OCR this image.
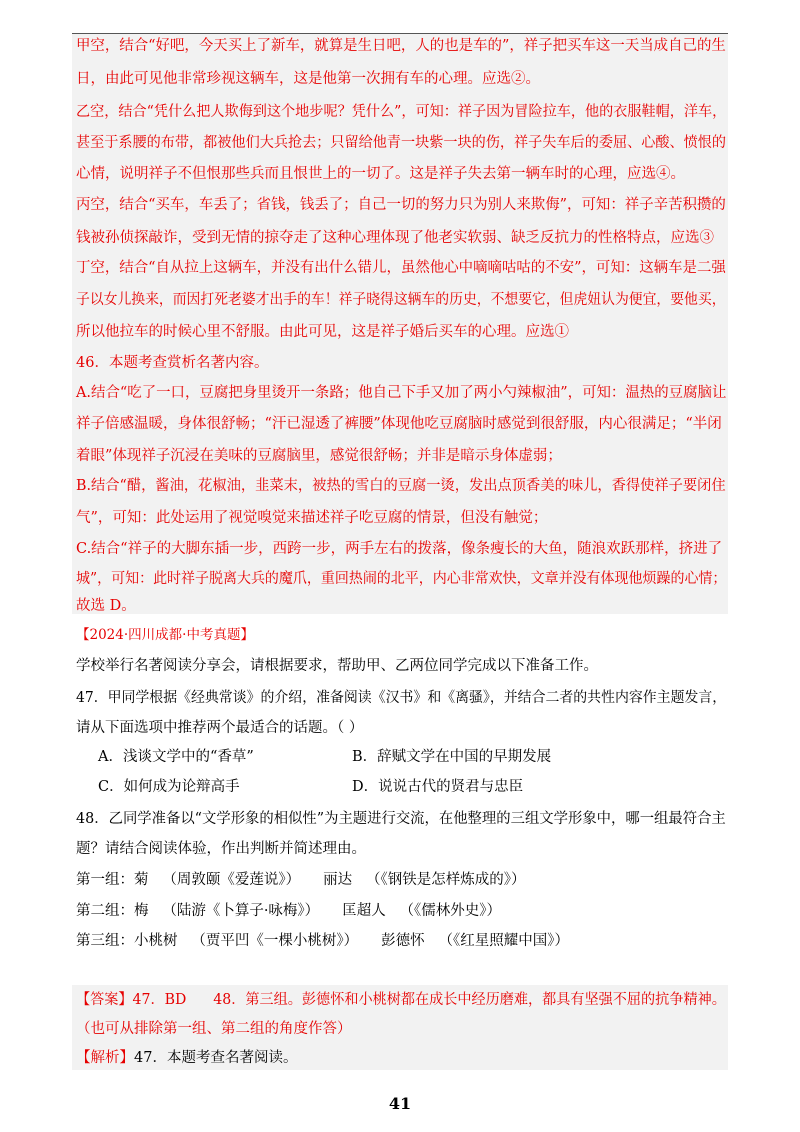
甲空，结合“好吧，今天买上了新车，就算是生日吧，人的也是车的”，祥子把买车这一天当成自己的生
日，由此可见他非常珍视这辆车，这是他第一次拥有车的心理。应选②。
乙空，结合“凭什么把人欺侮到这个地步呢？凭什么”，可知：祥子因为冒险拉车，他的衣服鞋帽，洋车，
甚至于系腰的布带，都被他们大兵抢去；只留给他青一块紫一块的伤，祥子失车后的委屈、心酸、愤恨的
心情，说明祥子不但恨那些兵而且恨世上的一切了。这是祥子失去第一辆车时的心理，应选④。
丙空，结合“买车，车丢了；省钱，钱丢了；自己一切的努力只为别人来欺侮”，可知：祥子辛苦积攒的
钱被孙侦探敲诈，受到无情的掠夺走了这种心理体现了他老实软弱、缺乏反抗力的性格特点，应选③
丁空，结合“自从拉上这辆车，并没有出什么错儿，虽然他心中嘀嘀咕咕的不安”，可知：这辆车是二强
子以女儿换来，而因打死老婆才出手的车！祥子晓得这辆车的历史，不想要它，但虎妞认为便宜，要他买，
所以他拉车的时候心里不舒服。由此可见，这是祥子婚后买车的心理。应选①
46．本题考查赏析名著内容。
A.结合“吃了一口，豆腐把身里烫开一条路；他自己下手又加了两小勺辣椒油”，可知：温热的豆腐脑让
祥子倍感温暖，身体很舒畅；“汗已湿透了裤腰”体现他吃豆腐脑时感觉到很舒服，内心很满足；“半闭
着眼”体现祥子沉浸在美味的豆腐脑里，感觉很舒畅；并非是暗示身体虚弱；
B.结合“醋，酱油，花椒油，韭菜末，被热的雪白的豆腐一烫，发出点顶香美的味儿，香得使祥子要闭住
气”，可知：此处运用了视觉嗅觉来描述祥子吃豆腐的情景，但没有触觉；
C.结合“祥子的大脚东插一步，西跨一步，两手左右的拨落，像条瘦长的大鱼，随浪欢跃那样，挤进了
城”，可知：此时祥子脱离大兵的魔爪，重回热闹的北平，内心非常欢快，文章并没有体现他烦躁的心情；
故选 D。
【2024·四川成都·中考真题】
学校举行名著阅读分享会，请根据要求，帮助甲、乙两位同学完成以下准备工作。
47．甲同学根据《经典常谈》的介绍，准备阅读《汉书》和《离骚》，并结合二者的共性内容作主题发言，
请从下面选项中推荐两个最适合的话题。（ ）
A．浅谈文学中的“香草”	B．辞赋文学在中国的早期发展
C．如何成为论辩高手	D．说说古代的贤君与忠臣
48．乙同学准备以“文学形象的相似性”为主题进行交流，在他整理的三组文学形象中，哪一组最符合主
题？请结合阅读体验，作出判断并简述理由。
第一组：菊   （周敦颐《爱莲说》）     丽达   （《钢铁是怎样炼成的》）
第二组：梅   （陆游《卜算子·咏梅》）     匡超人   （《儒林外史》）
第三组：小桃树   （贾平凹《一棵小桃树》）     彭德怀   （《红星照耀中国》）
【答案】47．BD      48．第三组。彭德怀和小桃树都在成长中经历磨难，都具有坚强不屈的抗争精神。
（也可从排除第一组、第二组的角度作答）
【解析】47．本题考查名著阅读。
41
